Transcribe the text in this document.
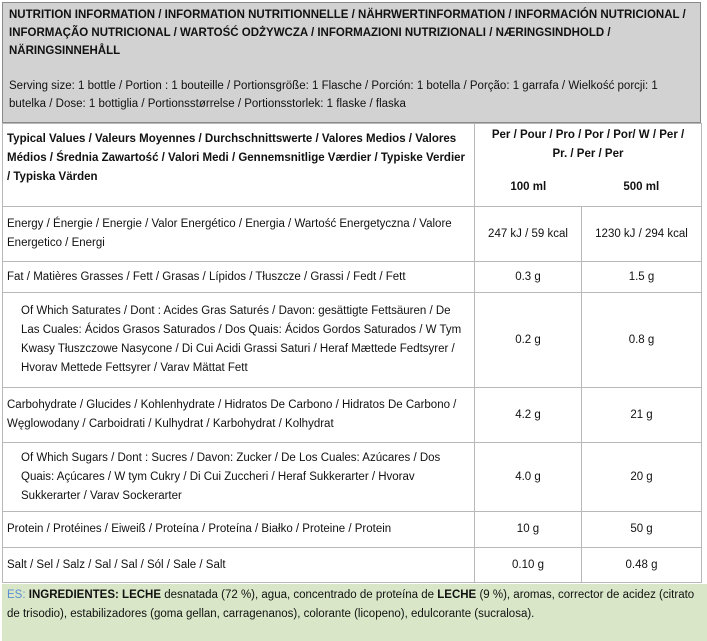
NUTRITION INFORMATION / INFORMATION NUTRITIONNELLE / NÄHRWERTINFORMATION / INFORMACIÓN NUTRICIONAL / INFORMAÇÃO NUTRICIONAL / WARTOŚĆ ODŻYWCZA / INFORMAZIONI NUTRIZIONALI / NÆRINGSINDHOLD / NÄRINGSINNEHÅLL
Serving size: 1 bottle / Portion : 1 bouteille / Portionsgröße: 1 Flasche / Porción: 1 botella / Porção: 1 garrafa / Wielkość porcji: 1 butelka / Dose: 1 bottiglia / Portionsstørrelse / Portionsstorlek: 1 flaske / flaska
Typical Values / Valeurs Moyennes / Durchschnittswerte / Valores Medios / Valores Médios / Średnia Zawartość / Valori Medi / Gennemsnitlige Værdier / Typiske Verdier / Typiska Värden	Per / Pour / Pro / Por / Por/ W / Per / Pr. / Per / Per
100 ml 500 ml	

Energy / Énergie / Energie / Valor Energético / Energia / Wartość Energetyczna / Valore Energetico / Energi	247 kJ / 59 kcal	1230 kJ / 294 kcal
Fat / Matières Grasses / Fett / Grasas / Lípidos / Tłuszcze / Grassi / Fedt / Fett	0.3 g	1.5 g
Of Which Saturates / Dont : Acides Gras Saturés / Davon: gesättigte Fettsäuren / De Las Cuales: Ácidos Grasos Saturados / Dos Quais: Ácidos Gordos Saturados / W Tym Kwasy Tłuszczowe Nasycone / Di Cui Acidi Grassi Saturi / Heraf Mættede Fedtsyrer / Hvorav Mettede Fettsyrer / Varav Mättat Fett	0.2 g	0.8 g
Carbohydrate / Glucides / Kohlenhydrate / Hidratos De Carbono / Hidratos De Carbono / Węglowodany / Carboidrati / Kulhydrat / Karbohydrat / Kolhydrat	4.2 g	21 g
Of Which Sugars / Dont : Sucres / Davon: Zucker / De Los Cuales: Azúcares / Dos Quais: Açúcares / W tym Cukry / Di Cui Zuccheri / Heraf Sukkerarter / Hvorav Sukkerarter / Varav Sockerarter	4.0 g	20 g
Protein / Protéines / Eiweiß / Proteína / Proteína / Białko / Proteine / Protein	10 g	50 g
Salt / Sel / Salz / Sal / Sal / Sól / Sale / Salt	0.10 g	0.48 g
ES: INGREDIENTES: LECHE desnatada (72 %), agua, concentrado de proteína de LECHE (9 %), aromas, corrector de acidez (citrato de trisodio), estabilizadores (goma gellan, carragenanos), colorante (licopeno), edulcorante (sucralosa).
